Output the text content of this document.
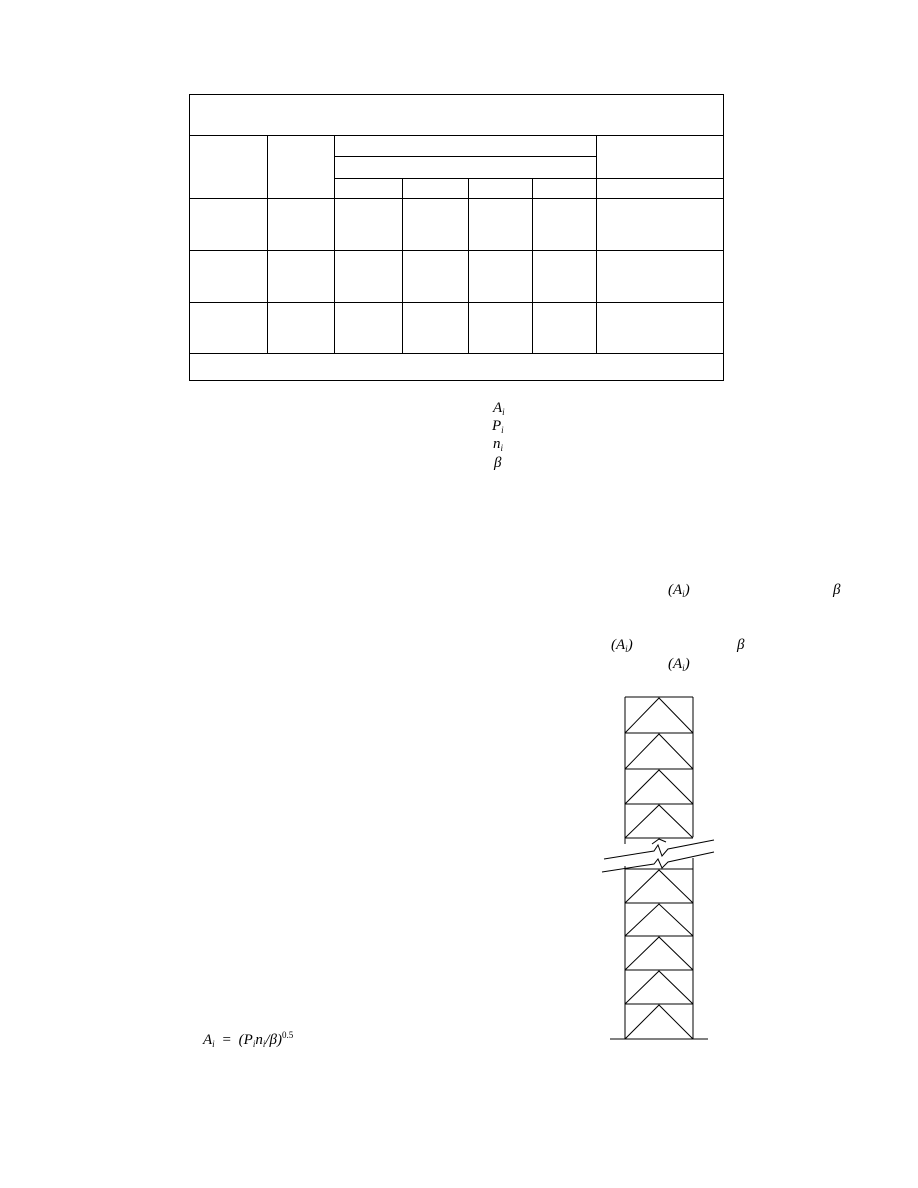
$A_i$
$P_i$
$n_i$
β
$(A_i)$	β
$(A_i)$	β
$(A_i)$
$A_i = (P_in_i/\beta)^{0.5}$
